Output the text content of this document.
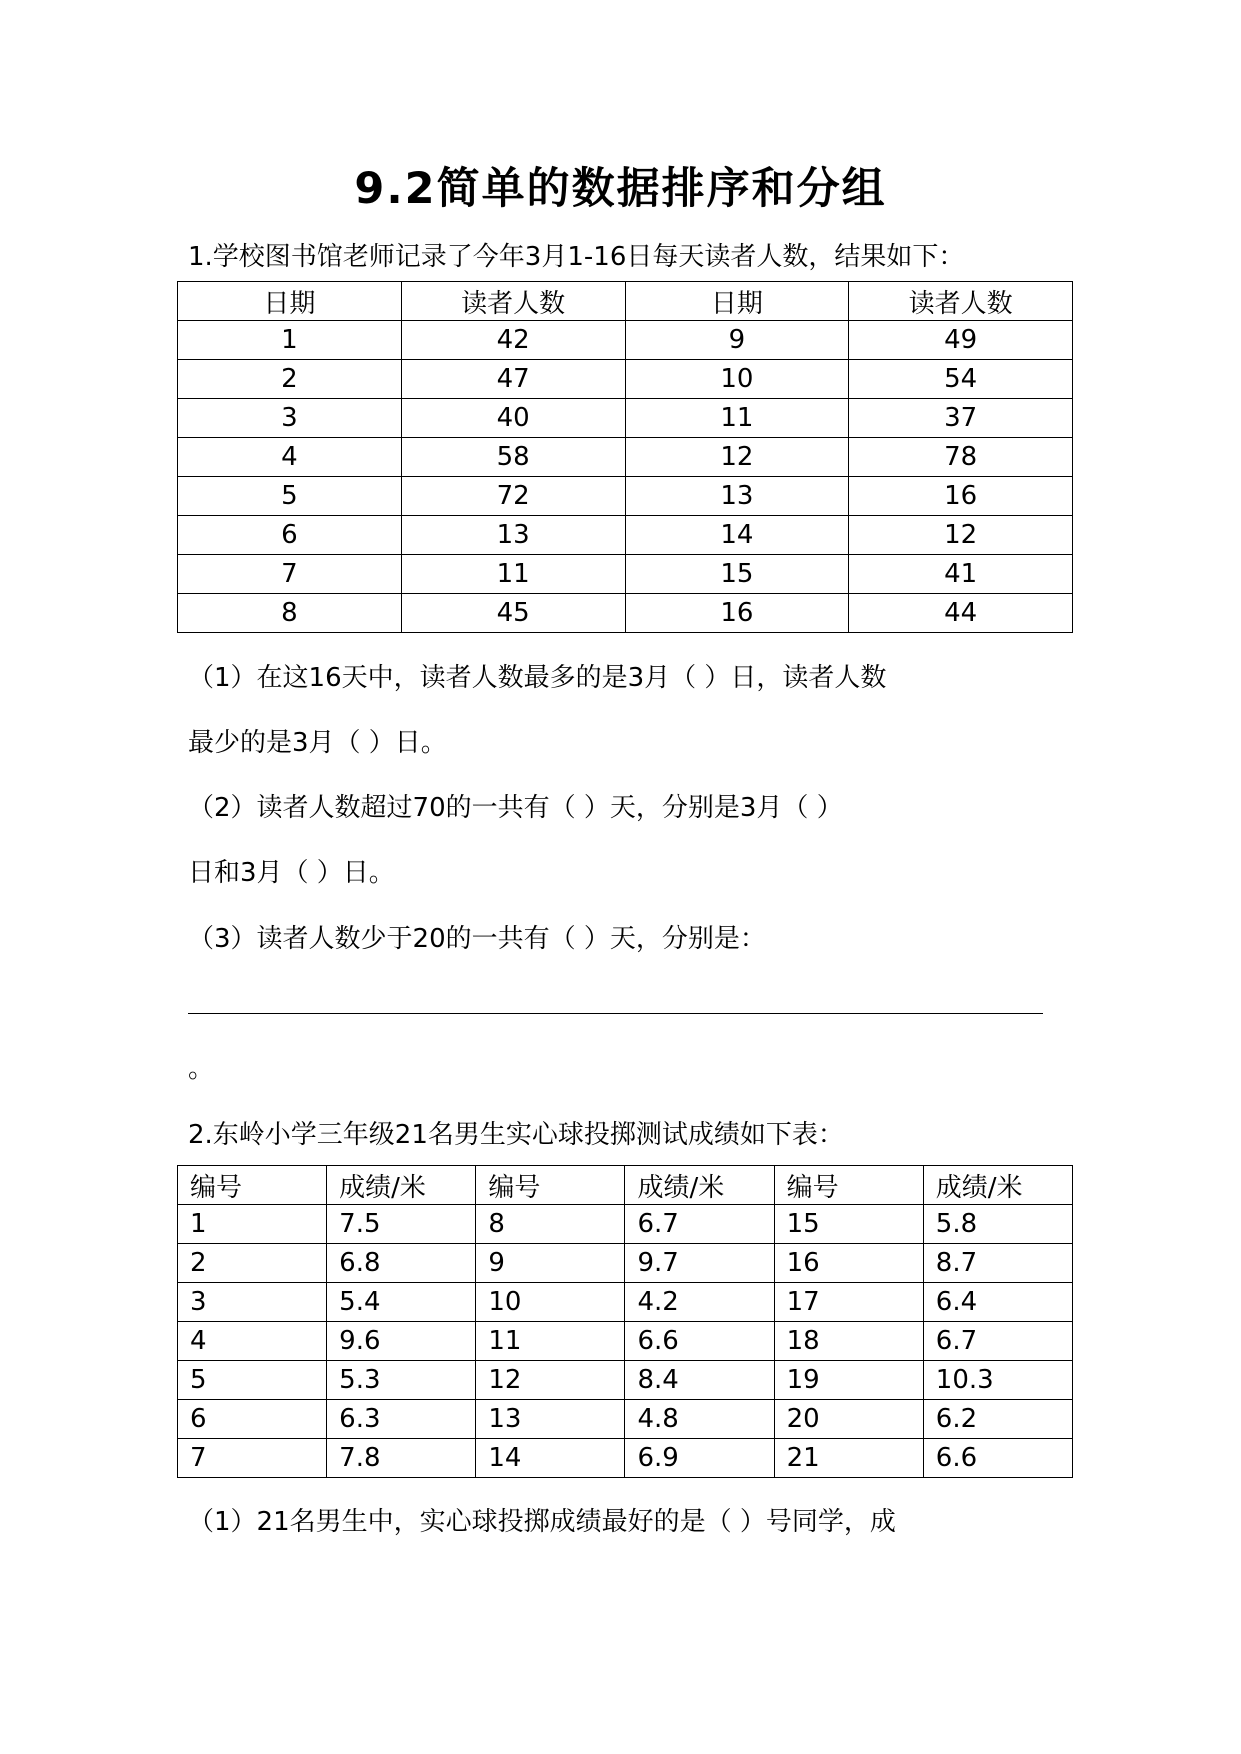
9.2简单的数据排序和分组
1.学校图书馆老师记录了今年3月1-16日每天读者人数，结果如下：
日期	读者人数	日期	读者人数
1	42	9	49
2	47	10	54
3	40	11	37
4	58	12	78
5	72	13	16
6	13	14	12
7	11	15	41
8	45	16	44
（1）在这16天中，读者人数最多的是3月（ ）日，读者人数
最少的是3月（ ）日。
（2）读者人数超过70的一共有（ ）天，分别是3月（ ）
日和3月（ ）日。
（3）读者人数少于20的一共有（ ）天，分别是：
。
2.东岭小学三年级21名男生实心球投掷测试成绩如下表：
编号	成绩/米	编号	成绩/米	编号	成绩/米
1	7.5	8	6.7	15	5.8
2	6.8	9	9.7	16	8.7
3	5.4	10	4.2	17	6.4
4	9.6	11	6.6	18	6.7
5	5.3	12	8.4	19	10.3
6	6.3	13	4.8	20	6.2
7	7.8	14	6.9	21	6.6
（1）21名男生中，实心球投掷成绩最好的是（ ）号同学，成
